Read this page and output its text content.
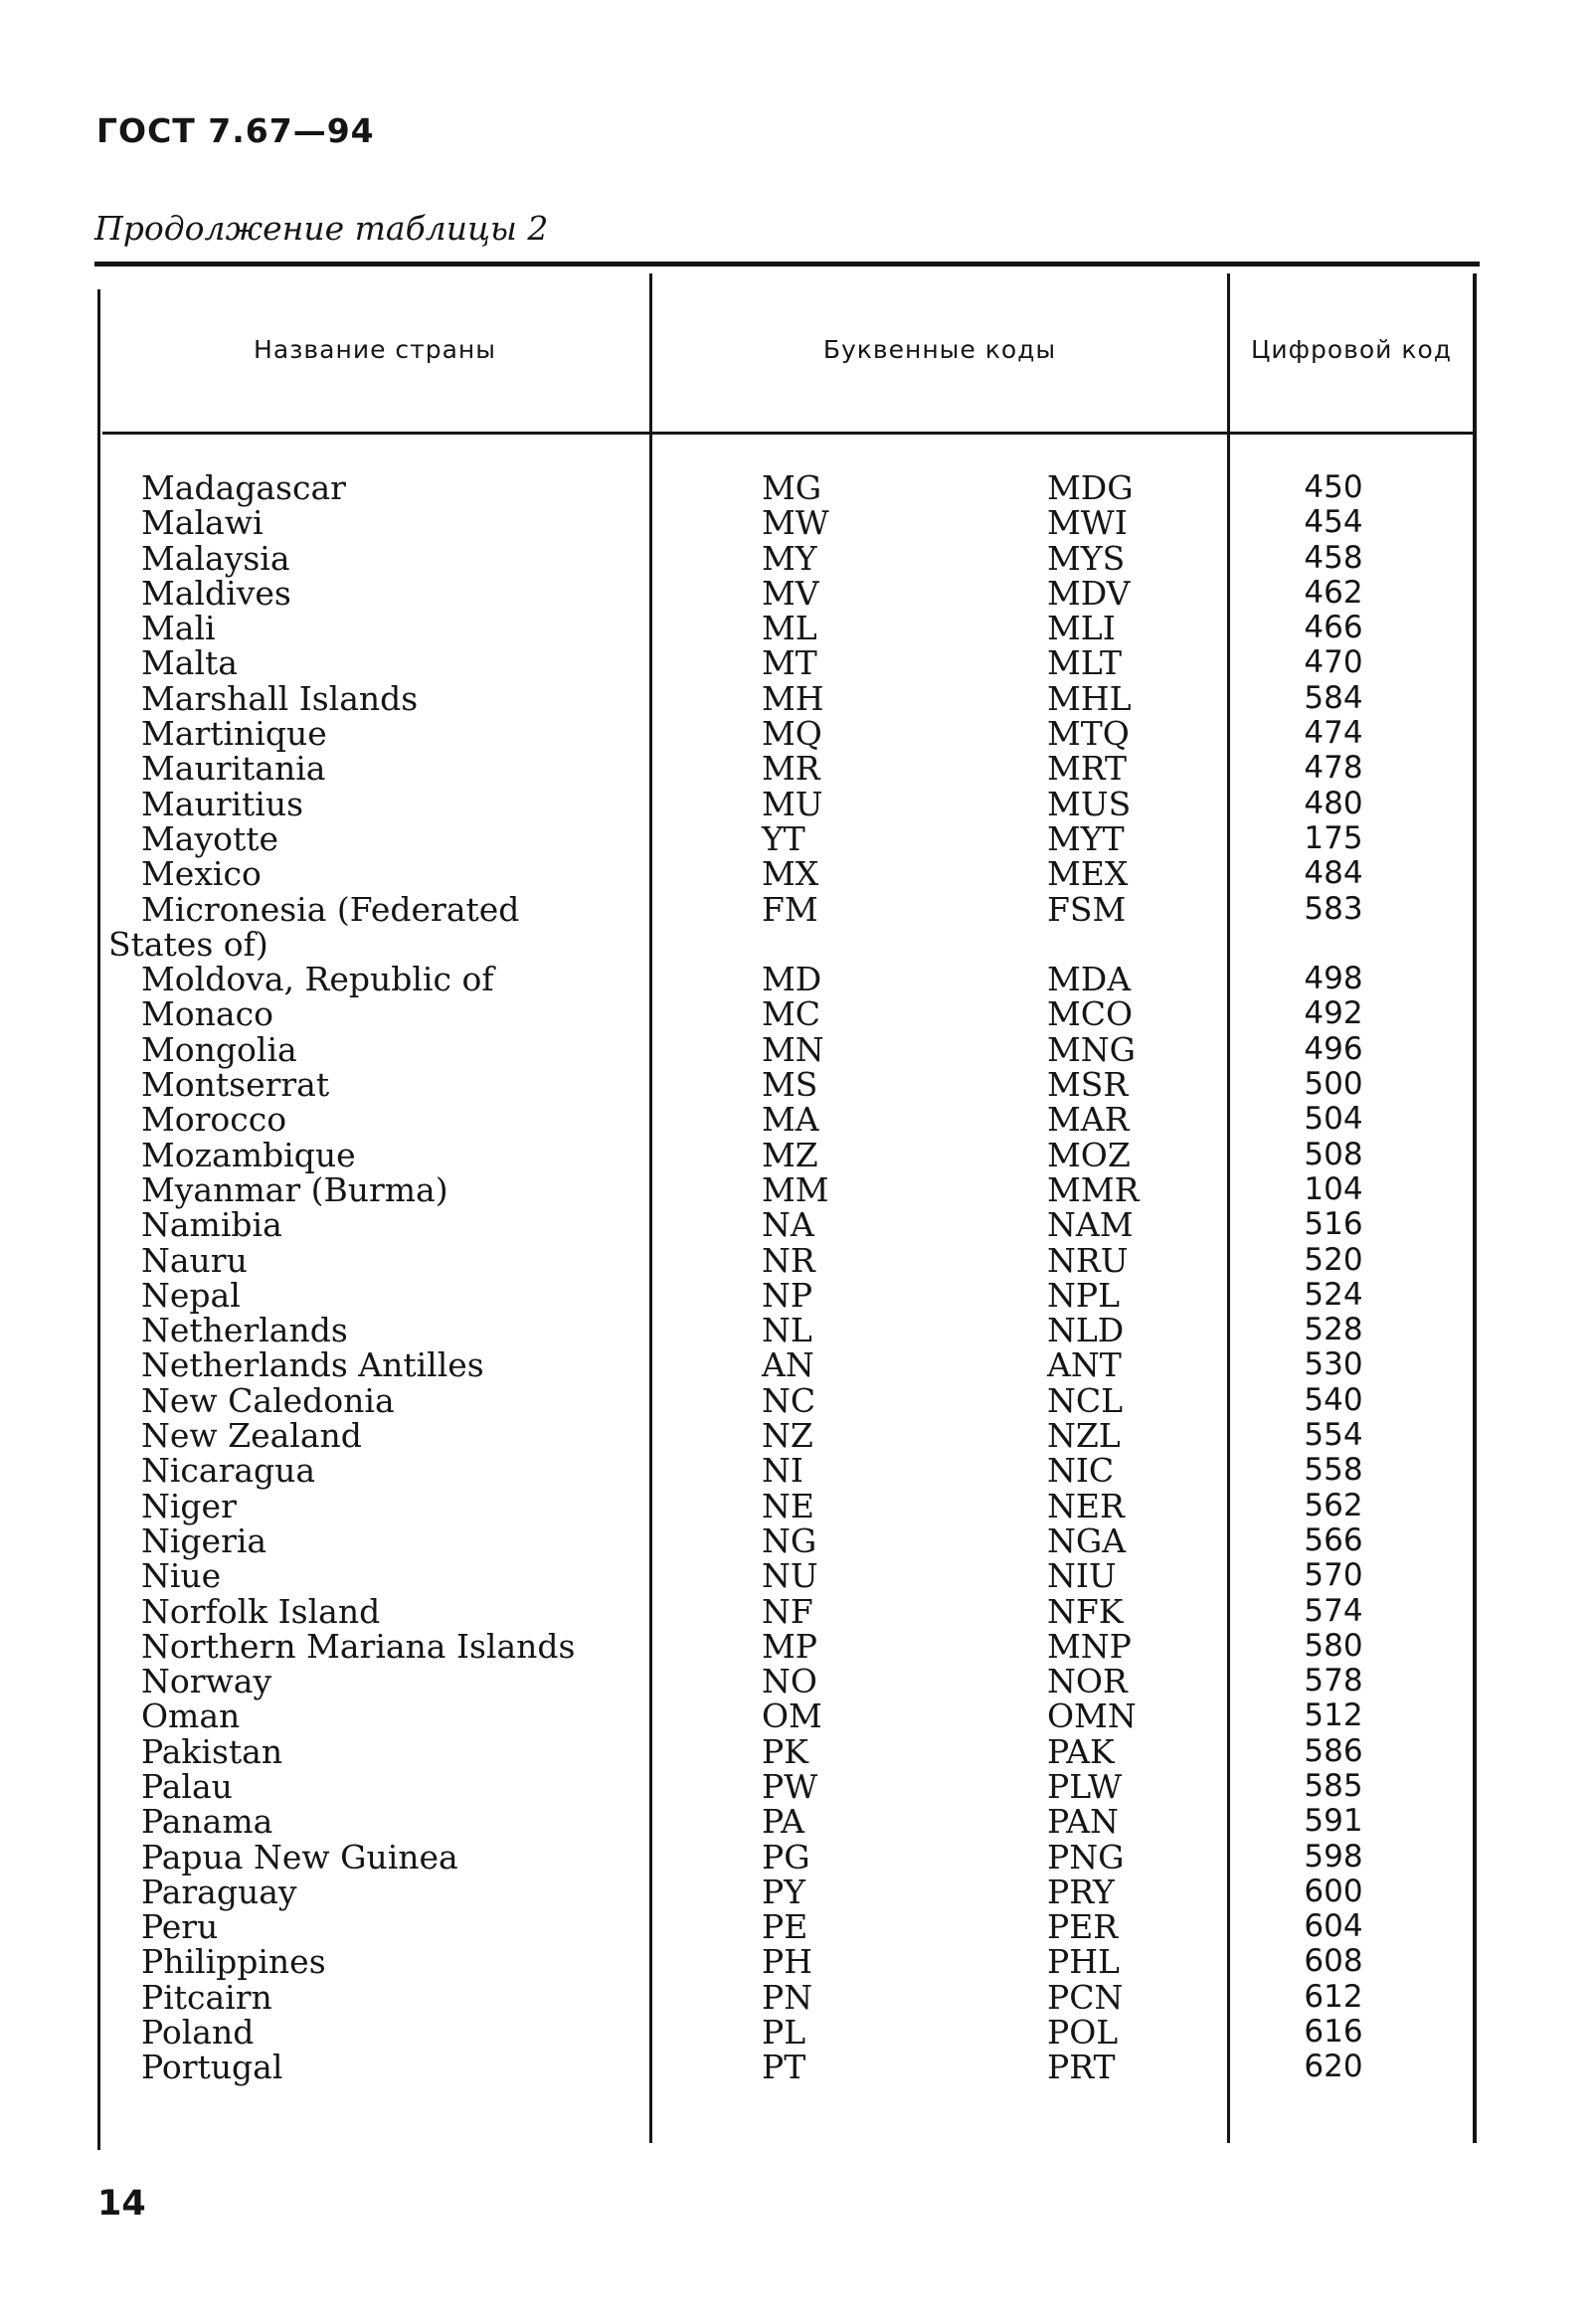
ГОСТ 7.67—94
Продолжение таблицы 2
Название страны	Буквенные коды	Цифровой код
Madagascar	MG	MDG	450
Malawi	MW	MWI	454
Malaysia	MY	MYS	458
Maldives	MV	MDV	462
Mali	ML	MLI	466
Malta	MT	MLT	470
Marshall Islands	MH	MHL	584
Martinique	MQ	MTQ	474
Mauritania	MR	MRT	478
Mauritius	MU	MUS	480
Mayotte	YT	MYT	175
Mexico	MX	MEX	484
Micronesia (Federated	FM	FSM	583
States of)
Moldova, Republic of	MD	MDA	498
Monaco	MC	MCO	492
Mongolia	MN	MNG	496
Montserrat	MS	MSR	500
Morocco	MA	MAR	504
Mozambique	MZ	MOZ	508
Myanmar (Burma)	MM	MMR	104
Namibia	NA	NAM	516
Nauru	NR	NRU	520
Nepal	NP	NPL	524
Netherlands	NL	NLD	528
Netherlands Antilles	AN	ANT	530
New Caledonia	NC	NCL	540
New Zealand	NZ	NZL	554
Nicaragua	NI	NIC	558
Niger	NE	NER	562
Nigeria	NG	NGA	566
Niue	NU	NIU	570
Norfolk Island	NF	NFK	574
Northern Mariana Islands	MP	MNP	580
Norway	NO	NOR	578
Oman	OM	OMN	512
Pakistan	PK	PAK	586
Palau	PW	PLW	585
Panama	PA	PAN	591
Papua New Guinea	PG	PNG	598
Paraguay	PY	PRY	600
Peru	PE	PER	604
Philippines	PH	PHL	608
Pitcairn	PN	PCN	612
Poland	PL	POL	616
Portugal	PT	PRT	620
14
